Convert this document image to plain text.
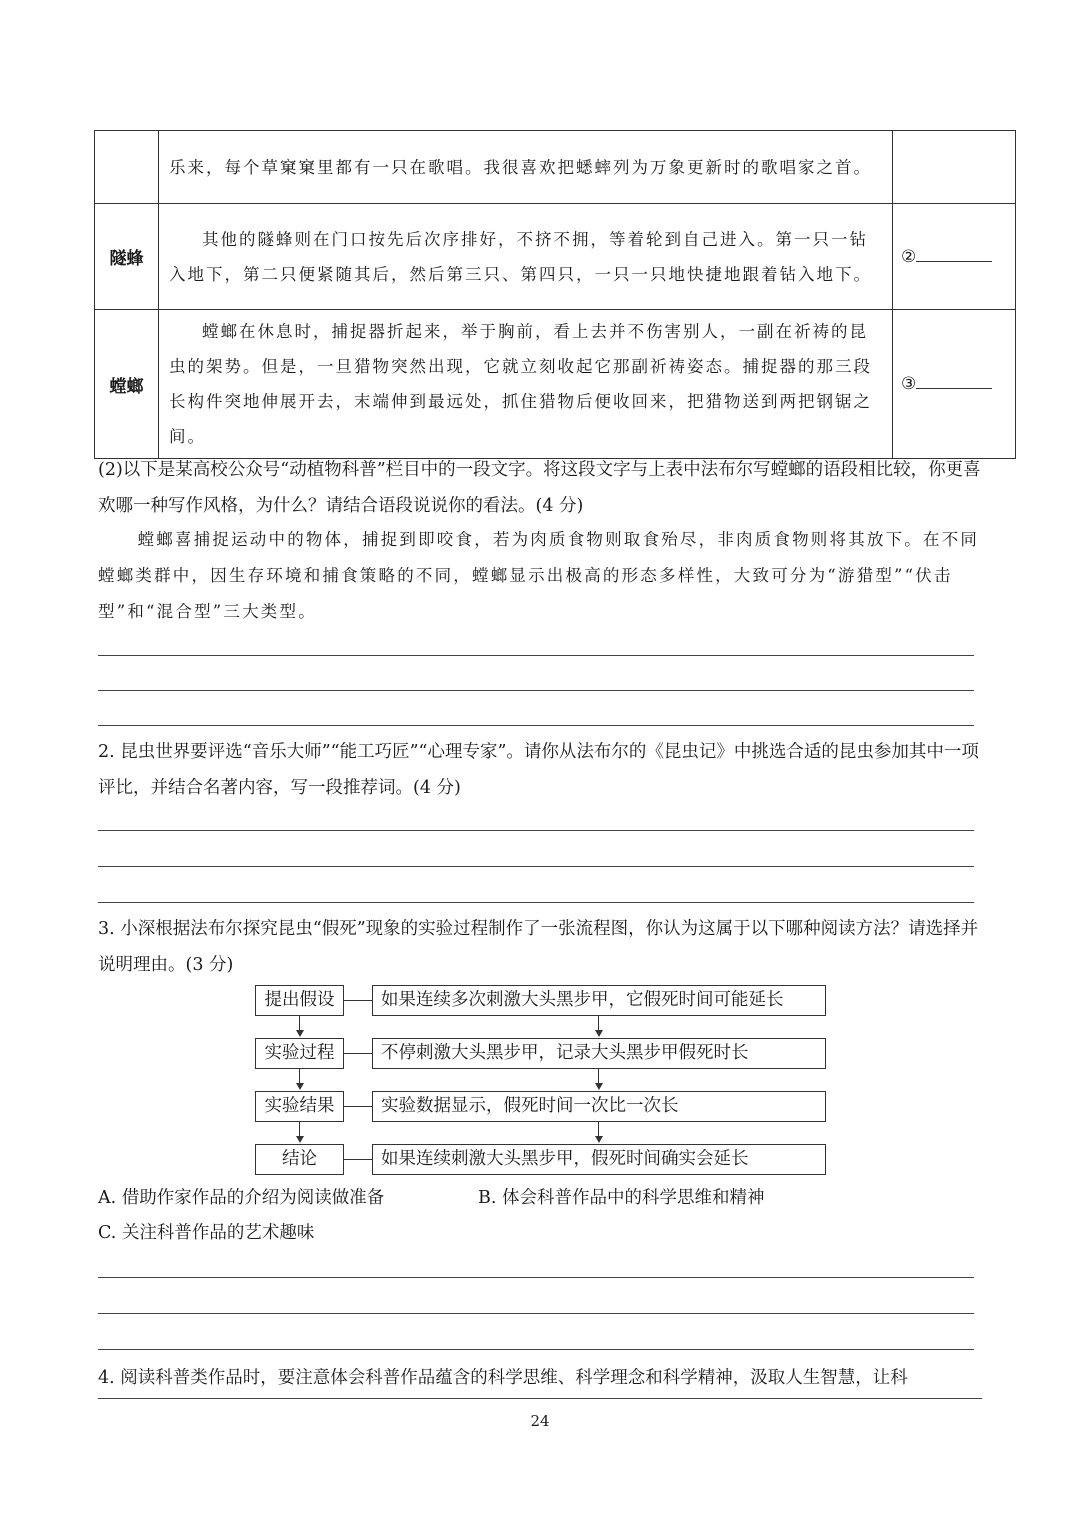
	乐来，每个草窠窠里都有一只在歌唱。我很喜欢把蟋蟀列为万象更新时的歌唱家之首。	
隧蜂	其他的隧蜂则在门口按先后次序排好，不挤不拥，等着轮到自己进入。第一只一钻入地下，第二只便紧随其后，然后第三只、第四只，一只一只地快捷地跟着钻入地下。	②
螳螂	螳螂在休息时，捕捉器折起来，举于胸前，看上去并不伤害别人，一副在祈祷的昆虫的架势。但是，一旦猎物突然出现，它就立刻收起它那副祈祷姿态。捕捉器的那三段长构件突地伸展开去，末端伸到最远处，抓住猎物后便收回来，把猎物送到两把钢锯之间。	③
(2)以下是某高校公众号“动植物科普”栏目中的一段文字。将这段文字与上表中法布尔写螳螂的语段相比较，你更喜欢哪一种写作风格，为什么？请结合语段说说你的看法。(4 分)
螳螂喜捕捉运动中的物体，捕捉到即咬食，若为肉质食物则取食殆尽，非肉质食物则将其放下。在不同螳螂类群中，因生存环境和捕食策略的不同，螳螂显示出极高的形态多样性，大致可分为“游猎型”“伏击型”和“混合型”三大类型。
2. 昆虫世界要评选“音乐大师”“能工巧匠”“心理专家”。请你从法布尔的《昆虫记》中挑选合适的昆虫参加其中一项评比，并结合名著内容，写一段推荐词。(4 分)
3. 小深根据法布尔探究昆虫“假死”现象的实验过程制作了一张流程图，你认为这属于以下哪种阅读方法？请选择并说明理由。(3 分)
提出假设	如果连续多次刺激大头黑步甲，它假死时间可能延长
实验过程	不停刺激大头黑步甲，记录大头黑步甲假死时长
实验结果	实验数据显示，假死时间一次比一次长
结论	如果连续刺激大头黑步甲，假死时间确实会延长
A. 借助作家作品的介绍为阅读做准备	B. 体会科普作品中的科学思维和精神
C. 关注科普作品的艺术趣味
4. 阅读科普类作品时，要注意体会科普作品蕴含的科学思维、科学理念和科学精神，汲取人生智慧，让科
24
